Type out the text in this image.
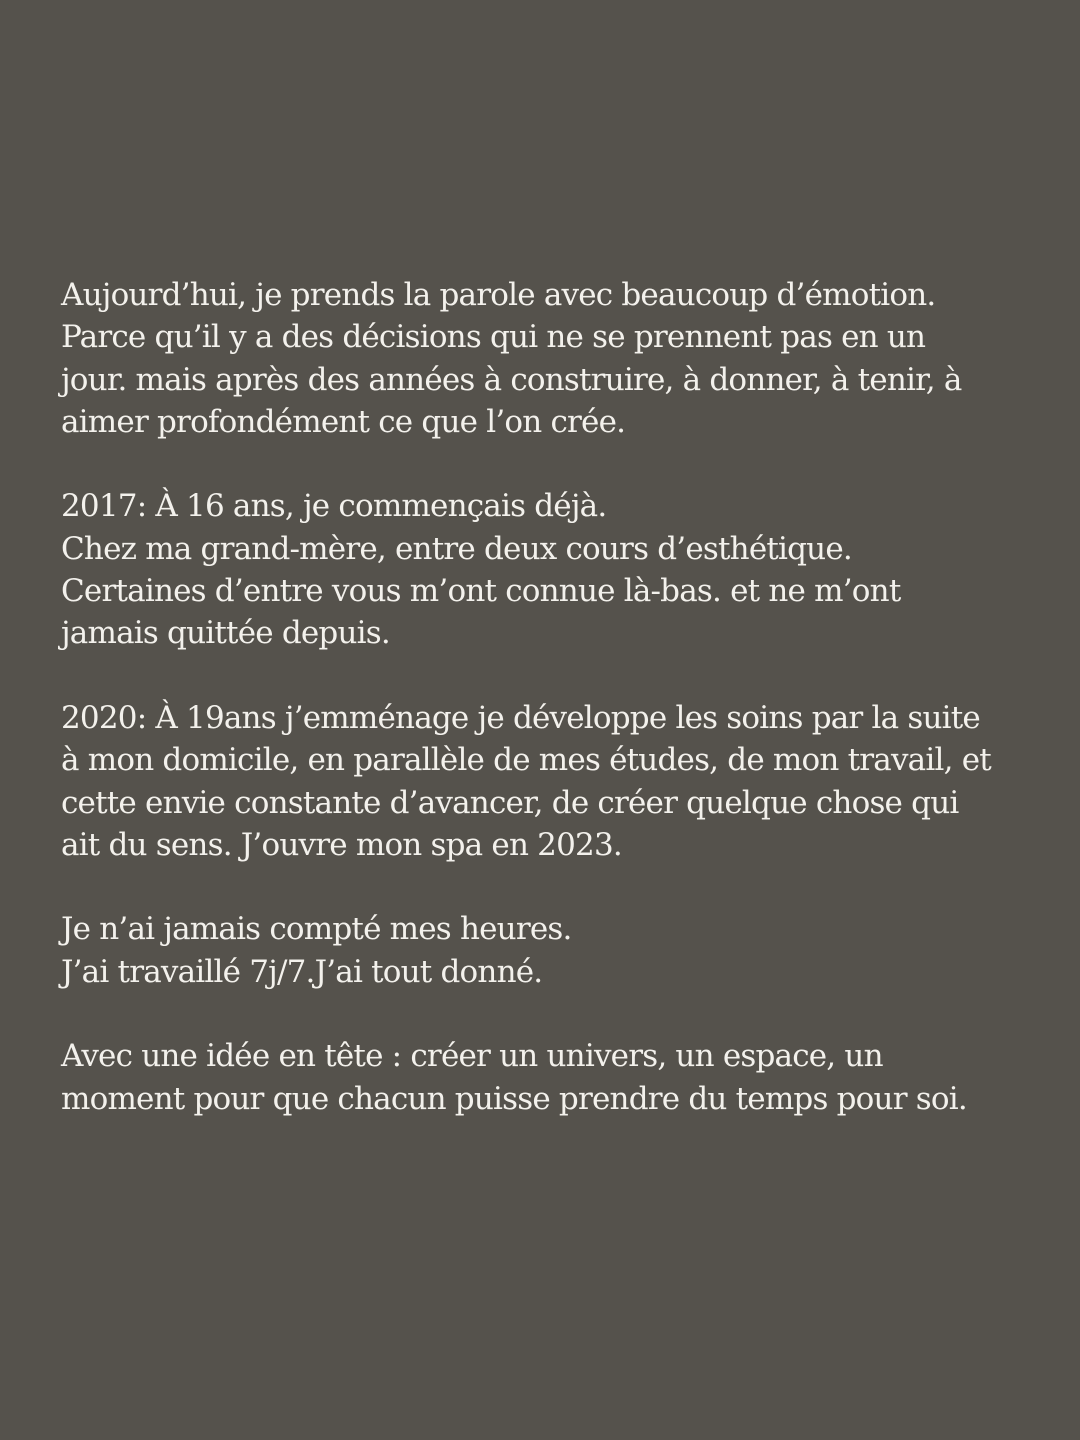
Aujourd’hui, je prends la parole avec beaucoup d’émotion.
Parce qu’il y a des décisions qui ne se prennent pas en un
jour. mais après des années à construire, à donner, à tenir, à
aimer profondément ce que l’on crée.

2017: À 16 ans, je commençais déjà.
Chez ma grand-mère, entre deux cours d’esthétique.
Certaines d’entre vous m’ont connue là-bas. et ne m’ont
jamais quittée depuis.

2020: À 19ans j’emménage je développe les soins par la suite
à mon domicile, en parallèle de mes études, de mon travail, et
cette envie constante d’avancer, de créer quelque chose qui
ait du sens. J’ouvre mon spa en 2023.

Je n’ai jamais compté mes heures.
J’ai travaillé 7j/7.J’ai tout donné.

Avec une idée en tête : créer un univers, un espace, un
moment pour que chacun puisse prendre du temps pour soi.
